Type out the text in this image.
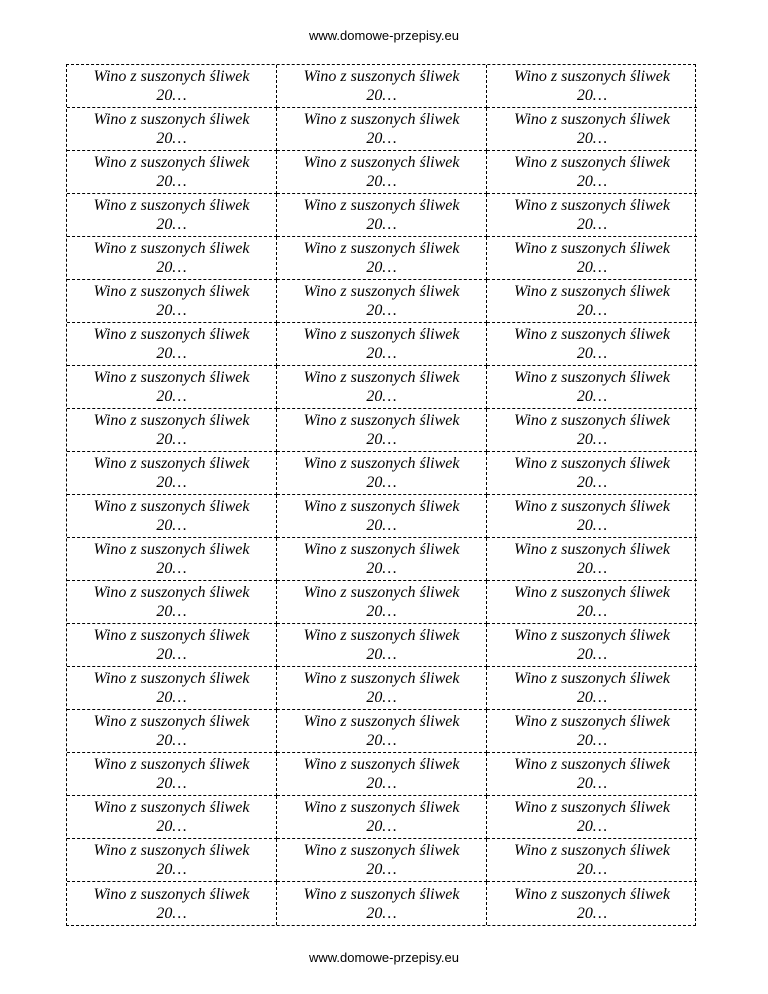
www.domowe-przepisy.eu
Wino z suszonych śliwek
20…
Wino z suszonych śliwek
20…
Wino z suszonych śliwek
20…
Wino z suszonych śliwek
20…
Wino z suszonych śliwek
20…
Wino z suszonych śliwek
20…
Wino z suszonych śliwek
20…
Wino z suszonych śliwek
20…
Wino z suszonych śliwek
20…
Wino z suszonych śliwek
20…
Wino z suszonych śliwek
20…
Wino z suszonych śliwek
20…
Wino z suszonych śliwek
20…
Wino z suszonych śliwek
20…
Wino z suszonych śliwek
20…
Wino z suszonych śliwek
20…
Wino z suszonych śliwek
20…
Wino z suszonych śliwek
20…
Wino z suszonych śliwek
20…
Wino z suszonych śliwek
20…
Wino z suszonych śliwek
20…
Wino z suszonych śliwek
20…
Wino z suszonych śliwek
20…
Wino z suszonych śliwek
20…
Wino z suszonych śliwek
20…
Wino z suszonych śliwek
20…
Wino z suszonych śliwek
20…
Wino z suszonych śliwek
20…
Wino z suszonych śliwek
20…
Wino z suszonych śliwek
20…
Wino z suszonych śliwek
20…
Wino z suszonych śliwek
20…
Wino z suszonych śliwek
20…
Wino z suszonych śliwek
20…
Wino z suszonych śliwek
20…
Wino z suszonych śliwek
20…
Wino z suszonych śliwek
20…
Wino z suszonych śliwek
20…
Wino z suszonych śliwek
20…
Wino z suszonych śliwek
20…
Wino z suszonych śliwek
20…
Wino z suszonych śliwek
20…
Wino z suszonych śliwek
20…
Wino z suszonych śliwek
20…
Wino z suszonych śliwek
20…
Wino z suszonych śliwek
20…
Wino z suszonych śliwek
20…
Wino z suszonych śliwek
20…
Wino z suszonych śliwek
20…
Wino z suszonych śliwek
20…
Wino z suszonych śliwek
20…
Wino z suszonych śliwek
20…
Wino z suszonych śliwek
20…
Wino z suszonych śliwek
20…
Wino z suszonych śliwek
20…
Wino z suszonych śliwek
20…
Wino z suszonych śliwek
20…
Wino z suszonych śliwek
20…
Wino z suszonych śliwek
20…
Wino z suszonych śliwek
20…
www.domowe-przepisy.eu
